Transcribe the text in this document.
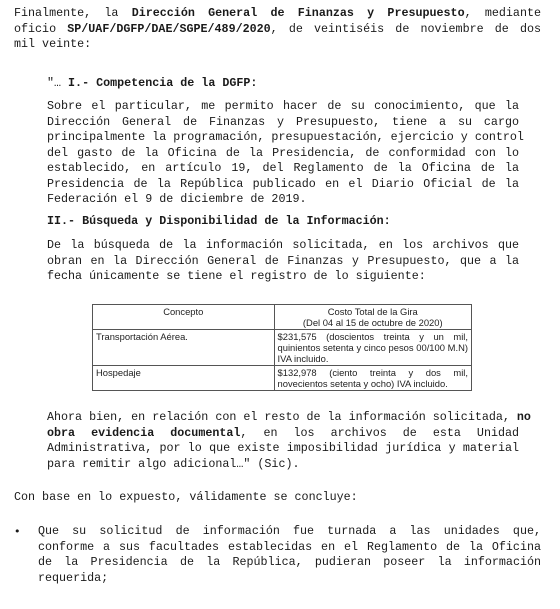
Finalmente, la Dirección General de Finanzas y Presupuesto, mediante
oficio SP/UAF/DGFP/DAE/SGPE/489/2020, de veintiséis de noviembre de dos
mil veinte:
"… I.- Competencia de la DGFP:
Sobre el particular, me permito hacer de su conocimiento, que la
Dirección General de Finanzas y Presupuesto, tiene a su cargo
principalmente la programación, presupuestación, ejercicio y control
del gasto de la Oficina de la Presidencia, de conformidad con lo
establecido, en artículo 19, del Reglamento de la Oficina de la
Presidencia de la República publicado en el Diario Oficial de la
Federación el 9 de diciembre de 2019.
II.- Búsqueda y Disponibilidad de la Información:
De la búsqueda de la información solicitada, en los archivos que
obran en la Dirección General de Finanzas y Presupuesto, que a la
fecha únicamente se tiene el registro de lo siguiente:
Concepto	Costo Total de la Gira
(Del 04 al 15 de octubre de 2020)
Transportación Aérea.	$231,575 (doscientos treinta y un mil, quinientos setenta y cinco pesos 00/100 M.N) IVA incluido.
Hospedaje	$132,978 (ciento treinta y dos mil, novecientos setenta y ocho) IVA incluido.
Ahora bien, en relación con el resto de la información solicitada, no
obra evidencia documental, en los archivos de esta Unidad
Administrativa, por lo que existe imposibilidad jurídica y material
para remitir algo adicional…" (Sic).
Con base en lo expuesto, válidamente se concluye:
• Que su solicitud de información fue turnada a las unidades que,
conforme a sus facultades establecidas en el Reglamento de la Oficina
de la Presidencia de la República, pudieran poseer la información
requerida;
